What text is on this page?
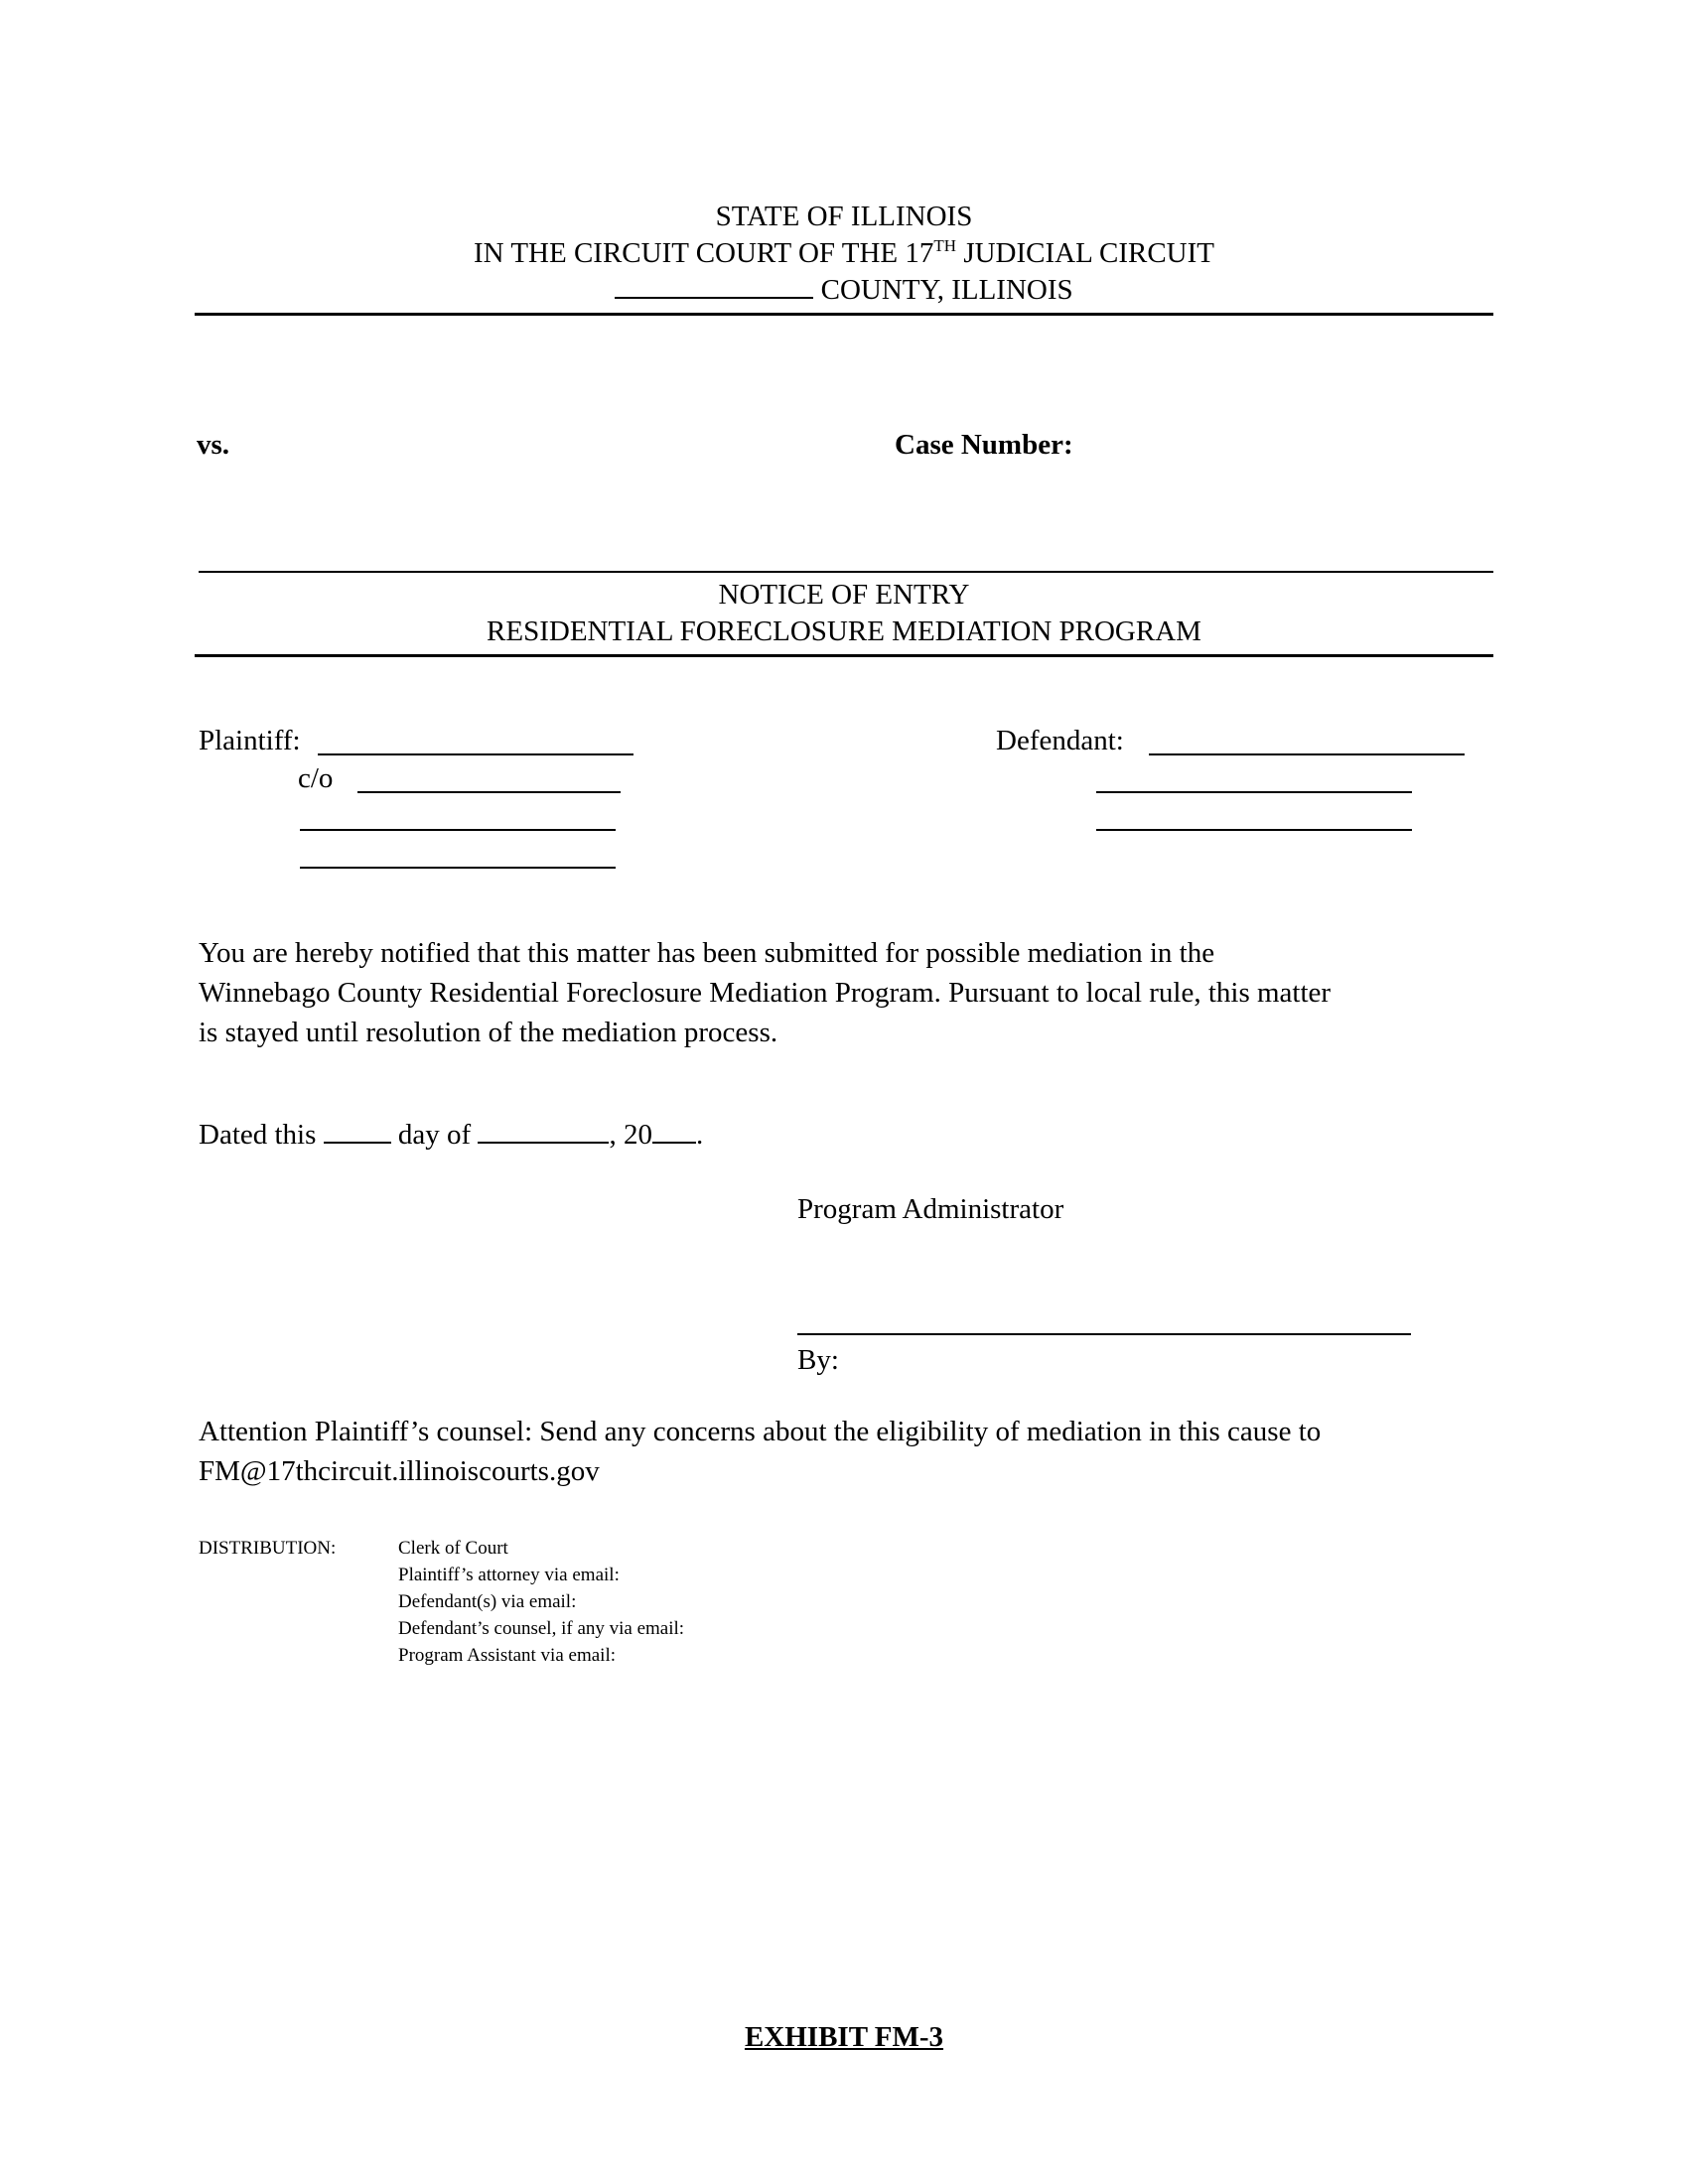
STATE OF ILLINOIS
IN THE CIRCUIT COURT OF THE 17TH JUDICIAL CIRCUIT
COUNTY, ILLINOIS
vs.	Case Number:
NOTICE OF ENTRY
RESIDENTIAL FORECLOSURE MEDIATION PROGRAM
Plaintiff:
c/o
Defendant:
You are hereby notified that this matter has been submitted for possible mediation in the
Winnebago County Residential Foreclosure Mediation Program. Pursuant to local rule, this matter
is stayed until resolution of the mediation process.
Dated this	day of	, 20 .
Program Administrator
By:
Attention Plaintiff’s counsel: Send any concerns about the eligibility of mediation in this cause to
FM@17thcircuit.illinoiscourts.gov
DISTRIBUTION:	Clerk of Court
Plaintiff’s attorney via email:
Defendant(s) via email:
Defendant’s counsel, if any via email:
Program Assistant via email:
EXHIBIT FM-3
